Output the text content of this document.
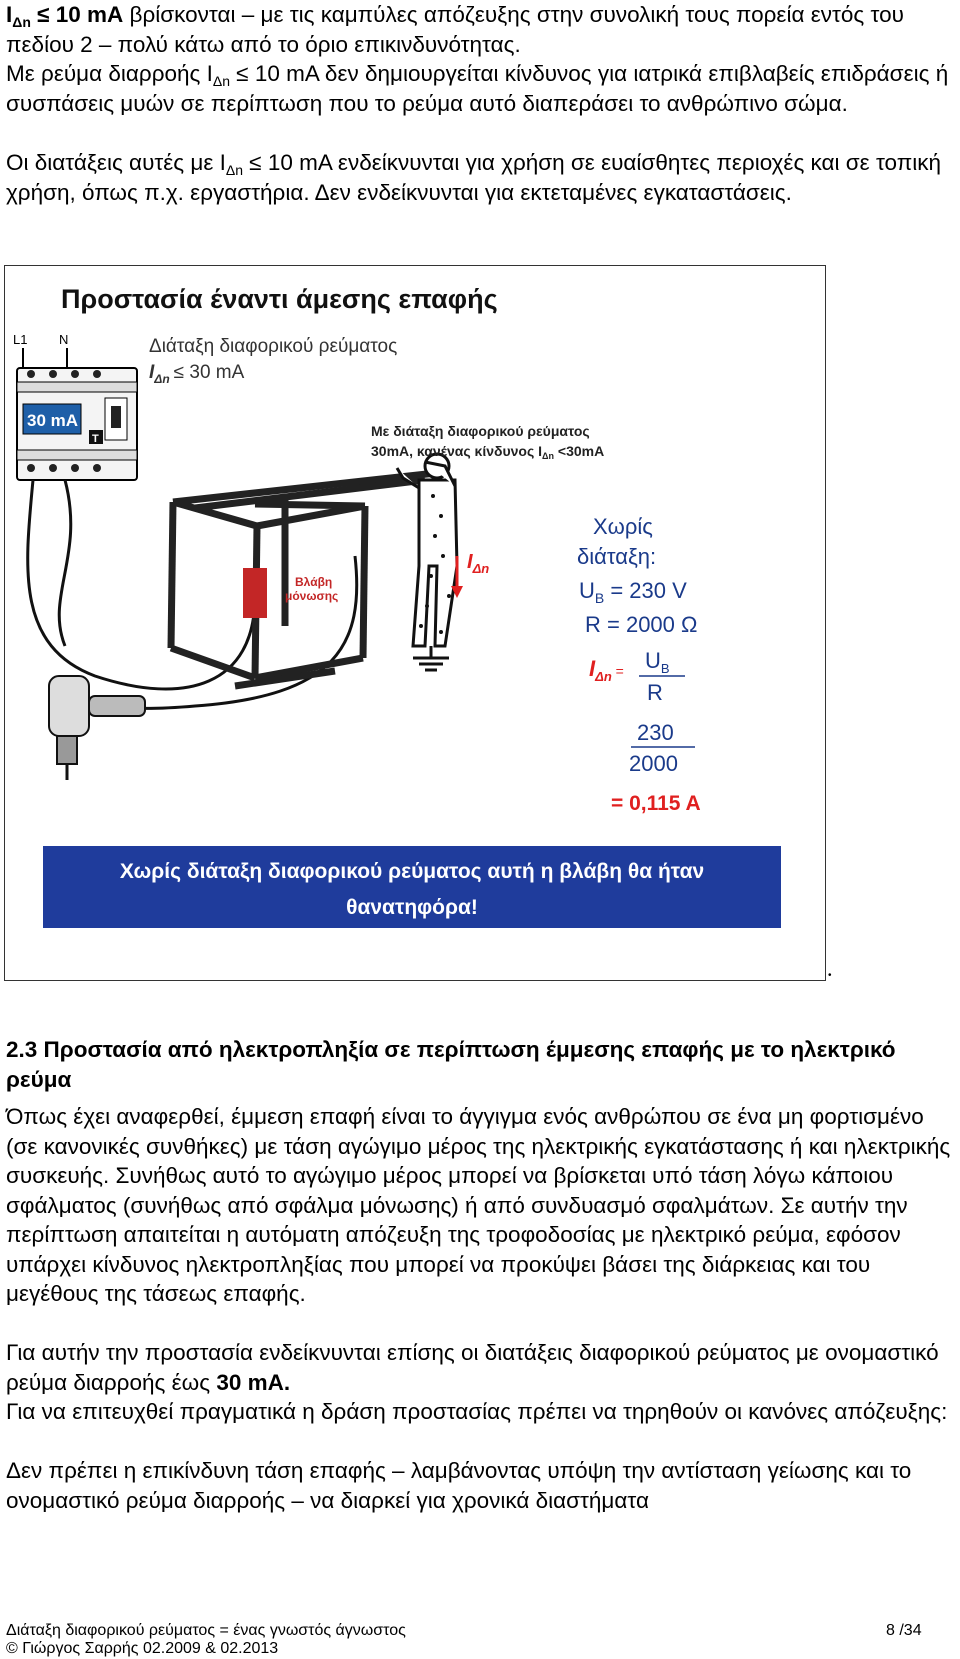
$I_{\Delta n} \le 10$ mA βρίσκονται – με τις καμπύλες απόζευξης στην συνολική τους πορεία εντός του πεδίου 2 – πολύ κάτω από το όριο επικινδυνότητας.

Με ρεύμα διαρροής $I_{\Delta n} \le 10$ mA δεν δημιουργείται κίνδυνος για ιατρικά επιβλαβείς επιδράσεις ή συσπάσεις μυών σε περίπτωση που το ρεύμα αυτό διαπεράσει το ανθρώπινο σώμα.

Οι διατάξεις αυτές με $I_{\Delta n} \le 10$ mA ενδείκνυνται για χρήση σε ευαίσθητες περιοχές και σε τοπική χρήση, όπως π.χ. εργαστήρια. Δεν ενδείκνυνται για εκτεταμένες εγκαταστάσεις.

Προστασία έναντι άμεσης επαφής
L1 N
30 mA
T
Διάταξη διαφορικού ρεύματος
$I_{\Delta n} \le 30$ mA
Βλάβη
μόνωσης
Με διάταξη διαφορικού ρεύματος
30mA, κανένας κίνδυνος $I_{\Delta n} <30mA$
$I_{\Delta n}$
Χωρίς
διάταξη:
$U_B = 230$ V
R = 2000 Ω
$I_{\Delta n}$ = $U_B$
R
230
2000
= 0,115 A
Χωρίς διάταξη διαφορικού ρεύματος αυτή η βλάβη θα ήταν
θανατηφόρα!
•

2.3 Προστασία από ηλεκτροπληξία σε περίπτωση έμμεσης επαφής με το ηλεκτρικό ρεύμα

Όπως έχει αναφερθεί, έμμεση επαφή είναι το άγγιγμα ενός ανθρώπου σε ένα μη φορτισμένο (σε κανονικές συνθήκες) με τάση αγώγιμο μέρος της ηλεκτρικής εγκατάστασης ή και ηλεκτρικής συσκευής. Συνήθως αυτό το αγώγιμο μέρος μπορεί να βρίσκεται υπό τάση λόγω κάποιου σφάλματος (συνήθως από σφάλμα μόνωσης) ή από συνδυασμό σφαλμάτων. Σε αυτήν την περίπτωση απαιτείται η αυτόματη απόζευξη της τροφοδοσίας με ηλεκτρικό ρεύμα, εφόσον υπάρχει κίνδυνος ηλεκτροπληξίας που μπορεί να προκύψει βάσει της διάρκειας και του μεγέθους της τάσεως επαφής.

Για αυτήν την προστασία ενδείκνυνται επίσης οι διατάξεις διαφορικού ρεύματος με ονομαστικό ρεύμα διαρροής έως 30 mA.

Για να επιτευχθεί πραγματικά η δράση προστασίας πρέπει να τηρηθούν οι κανόνες απόζευξης:

Δεν πρέπει η επικίνδυνη τάση επαφής – λαμβάνοντας υπόψη την αντίσταση γείωσης και το ονομαστικό ρεύμα διαρροής – να διαρκεί για χρονικά διαστήματα

Διάταξη διαφορικού ρεύματος = ένας γνωστός άγνωστος
© Γιώργος Σαρρής 02.2009 & 02.2013
8 /34
